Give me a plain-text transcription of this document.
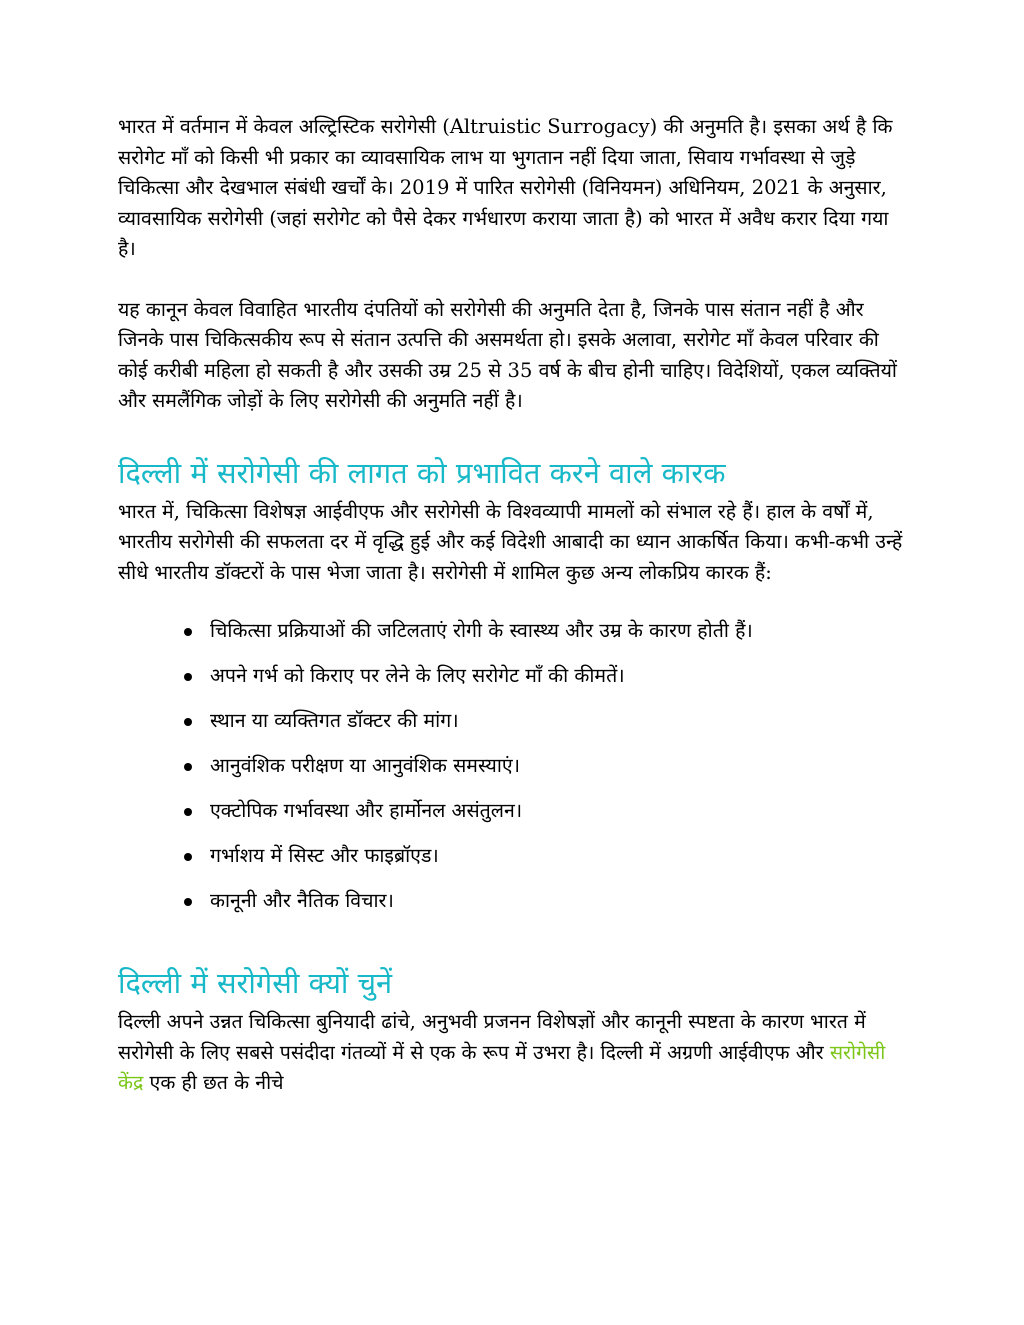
भारत में वर्तमान में केवल अल्ट्रिस्टिक सरोगेसी (Altruistic Surrogacy) की अनुमति है। इसका अर्थ है कि सरोगेट माँ को किसी भी प्रकार का व्यावसायिक लाभ या भुगतान नहीं दिया जाता, सिवाय गर्भावस्था से जुड़े चिकित्सा और देखभाल संबंधी खर्चों के। 2019 में पारित सरोगेसी (विनियमन) अधिनियम, 2021 के अनुसार, व्यावसायिक सरोगेसी (जहां सरोगेट को पैसे देकर गर्भधारण कराया जाता है) को भारत में अवैध करार दिया गया है।

यह कानून केवल विवाहित भारतीय दंपतियों को सरोगेसी की अनुमति देता है, जिनके पास संतान नहीं है और जिनके पास चिकित्सकीय रूप से संतान उत्पत्ति की असमर्थता हो। इसके अलावा, सरोगेट माँ केवल परिवार की कोई करीबी महिला हो सकती है और उसकी उम्र 25 से 35 वर्ष के बीच होनी चाहिए। विदेशियों, एकल व्यक्तियों और समलैंगिक जोड़ों के लिए सरोगेसी की अनुमति नहीं है।

दिल्ली में सरोगेसी की लागत को प्रभावित करने वाले कारक

भारत में, चिकित्सा विशेषज्ञ आईवीएफ और सरोगेसी के विश्वव्यापी मामलों को संभाल रहे हैं। हाल के वर्षों में, भारतीय सरोगेसी की सफलता दर में वृद्धि हुई और कई विदेशी आबादी का ध्यान आकर्षित किया। कभी-कभी उन्हें सीधे भारतीय डॉक्टरों के पास भेजा जाता है। सरोगेसी में शामिल कुछ अन्य लोकप्रिय कारक हैं:

चिकित्सा प्रक्रियाओं की जटिलताएं रोगी के स्वास्थ्य और उम्र के कारण होती हैं।
अपने गर्भ को किराए पर लेने के लिए सरोगेट माँ की कीमतें।
स्थान या व्यक्तिगत डॉक्टर की मांग।
आनुवंशिक परीक्षण या आनुवंशिक समस्याएं।
एक्टोपिक गर्भावस्था और हार्मोनल असंतुलन।
गर्भाशय में सिस्ट और फाइब्रॉएड।
कानूनी और नैतिक विचार।
दिल्ली में सरोगेसी क्यों चुनें

दिल्ली अपने उन्नत चिकित्सा बुनियादी ढांचे, अनुभवी प्रजनन विशेषज्ञों और कानूनी स्पष्टता के कारण भारत में सरोगेसी के लिए सबसे पसंदीदा गंतव्यों में से एक के रूप में उभरा है। दिल्ली में अग्रणी आईवीएफ और सरोगेसी केंद्र एक ही छत के नीचे
